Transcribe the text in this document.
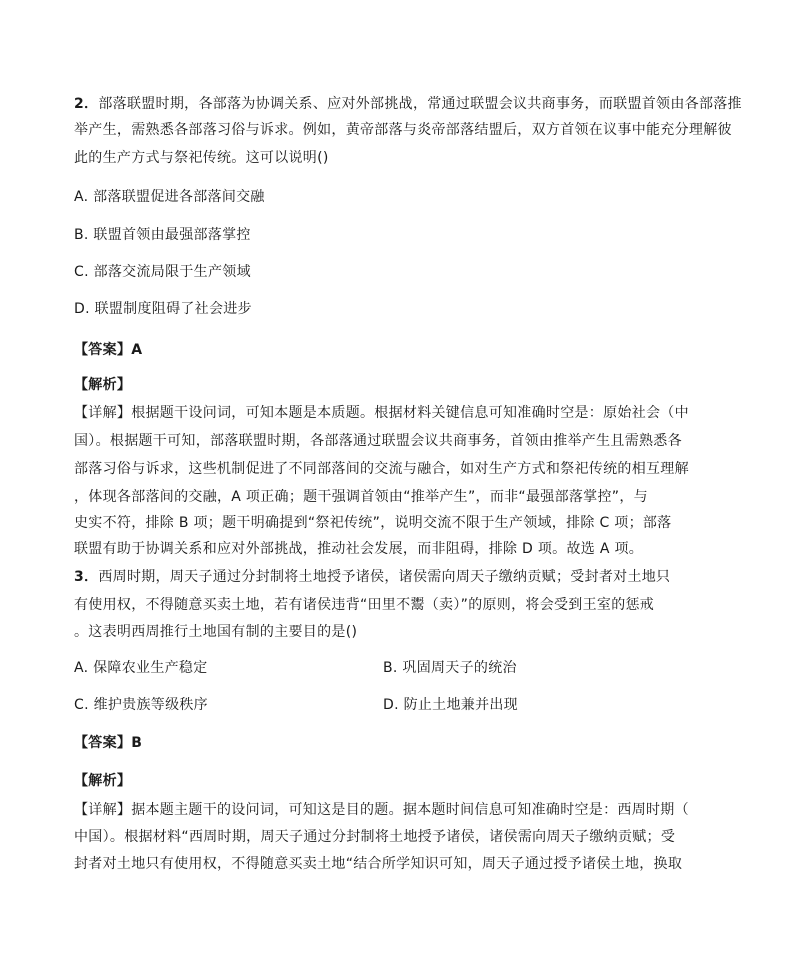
2．部落联盟时期，各部落为协调关系、应对外部挑战，常通过联盟会议共商事务，而联盟首领由各部落推
举产生，需熟悉各部落习俗与诉求。例如，黄帝部落与炎帝部落结盟后，双方首领在议事中能充分理解彼
此的生产方式与祭祀传统。这可以说明()
A. 部落联盟促进各部落间交融
B. 联盟首领由最强部落掌控
C. 部落交流局限于生产领域
D. 联盟制度阻碍了社会进步
【答案】A
【解析】
【详解】根据题干设问词，可知本题是本质题。根据材料关键信息可知准确时空是：原始社会（中
国）。根据题干可知，部落联盟时期，各部落通过联盟会议共商事务，首领由推举产生且需熟悉各
部落习俗与诉求，这些机制促进了不同部落间的交流与融合，如对生产方式和祭祀传统的相互理解
，体现各部落间的交融，A 项正确；题干强调首领由“推举产生”，而非“最强部落掌控”，与
史实不符，排除 B 项；题干明确提到“祭祀传统”，说明交流不限于生产领域，排除 C 项；部落
联盟有助于协调关系和应对外部挑战，推动社会发展，而非阻碍，排除 D 项。故选 A 项。
3．西周时期，周天子通过分封制将土地授予诸侯，诸侯需向周天子缴纳贡赋；受封者对土地只
有使用权，不得随意买卖土地，若有诸侯违背“田里不鬻（卖）”的原则，将会受到王室的惩戒
。这表明西周推行土地国有制的主要目的是()
A. 保障农业生产稳定	B. 巩固周天子的统治
C. 维护贵族等级秩序	D. 防止土地兼并出现
【答案】B
【解析】
【详解】据本题主题干的设问词，可知这是目的题。据本题时间信息可知准确时空是：西周时期（
中国）。根据材料“西周时期，周天子通过分封制将土地授予诸侯，诸侯需向周天子缴纳贡赋；受
封者对土地只有使用权，不得随意买卖土地“结合所学知识可知，周天子通过授予诸侯土地，换取
